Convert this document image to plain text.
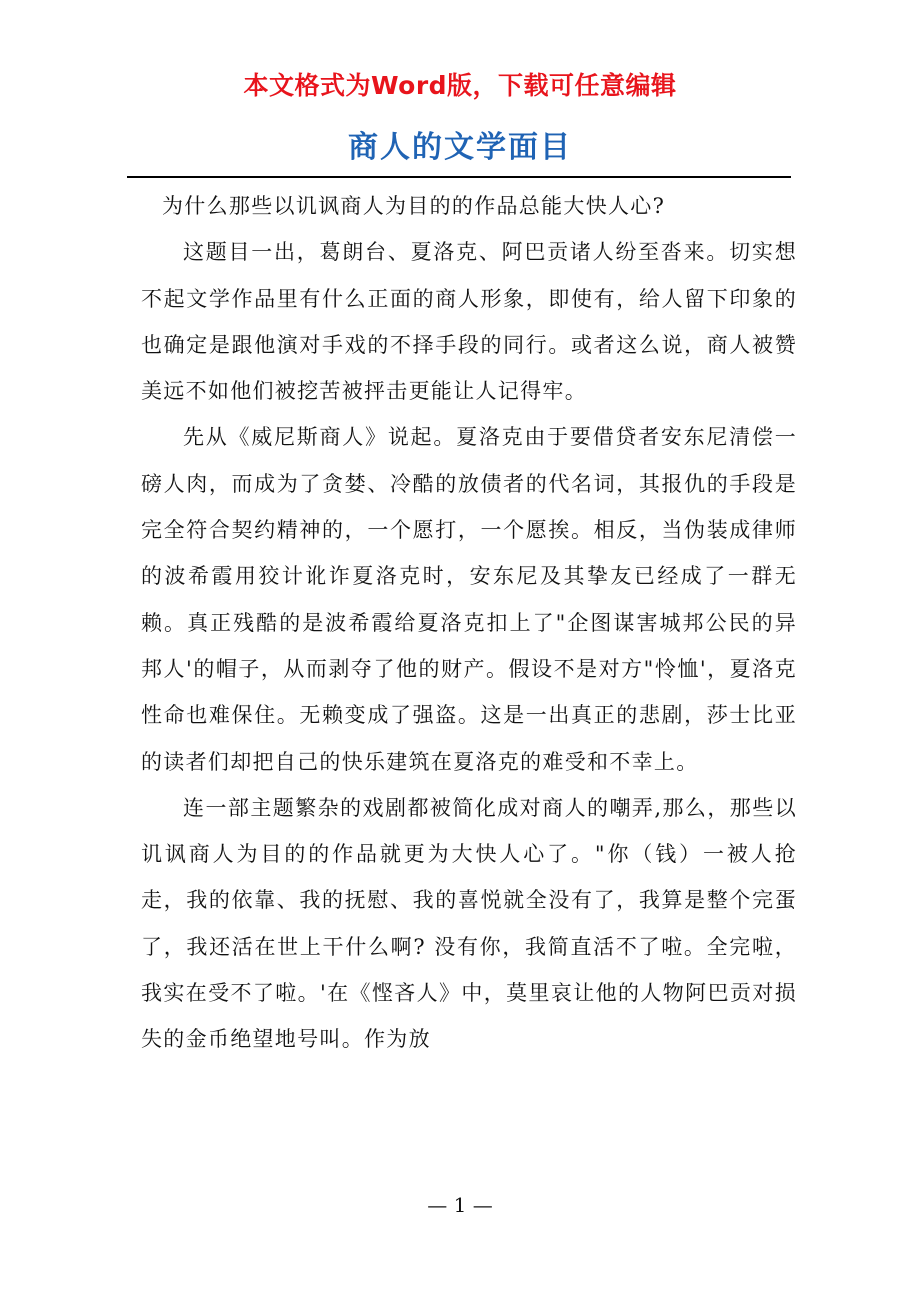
本文格式为Word版，下载可任意编辑
商人的文学面目

为什么那些以讥讽商人为目的的作品总能大快人心?

这题目一出，葛朗台、夏洛克、阿巴贡诸人纷至沓来。切实想不起文学作品里有什么正面的商人形象，即使有，给人留下印象的也确定是跟他演对手戏的不择手段的同行。或者这么说，商人被赞美远不如他们被挖苦被抨击更能让人记得牢。

先从《威尼斯商人》说起。夏洛克由于要借贷者安东尼清偿一磅人肉，而成为了贪婪、冷酷的放债者的代名词，其报仇的手段是完全符合契约精神的，一个愿打，一个愿挨。相反，当伪装成律师的波希霞用狡计讹诈夏洛克时，安东尼及其挚友已经成了一群无赖。真正残酷的是波希霞给夏洛克扣上了"企图谋害城邦公民的异邦人'的帽子，从而剥夺了他的财产。假设不是对方"怜恤'，夏洛克性命也难保住。无赖变成了强盗。这是一出真正的悲剧，莎士比亚的读者们却把自己的快乐建筑在夏洛克的难受和不幸上。

连一部主题繁杂的戏剧都被简化成对商人的嘲弄,那么，那些以讥讽商人为目的的作品就更为大快人心了。"你（钱）一被人抢走，我的依靠、我的抚慰、我的喜悦就全没有了，我算是整个完蛋了，我还活在世上干什么啊? 没有你，我简直活不了啦。全完啦，我实在受不了啦。'在《悭吝人》中，莫里哀让他的人物阿巴贡对损失的金币绝望地号叫。作为放

— 1 —
